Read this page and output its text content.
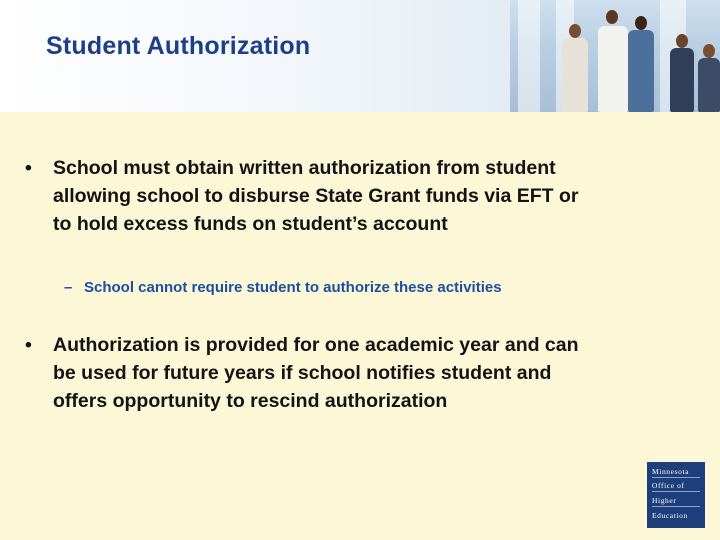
Student Authorization
• School must obtain written authorization from student allowing school to disburse State Grant funds via EFT or to hold excess funds on student’s account
– School cannot require student to authorize these activities
• Authorization is provided for one academic year and can be used for future years if school notifies student and offers opportunity to rescind authorization
Minnesota
Office of
Higher
Education
